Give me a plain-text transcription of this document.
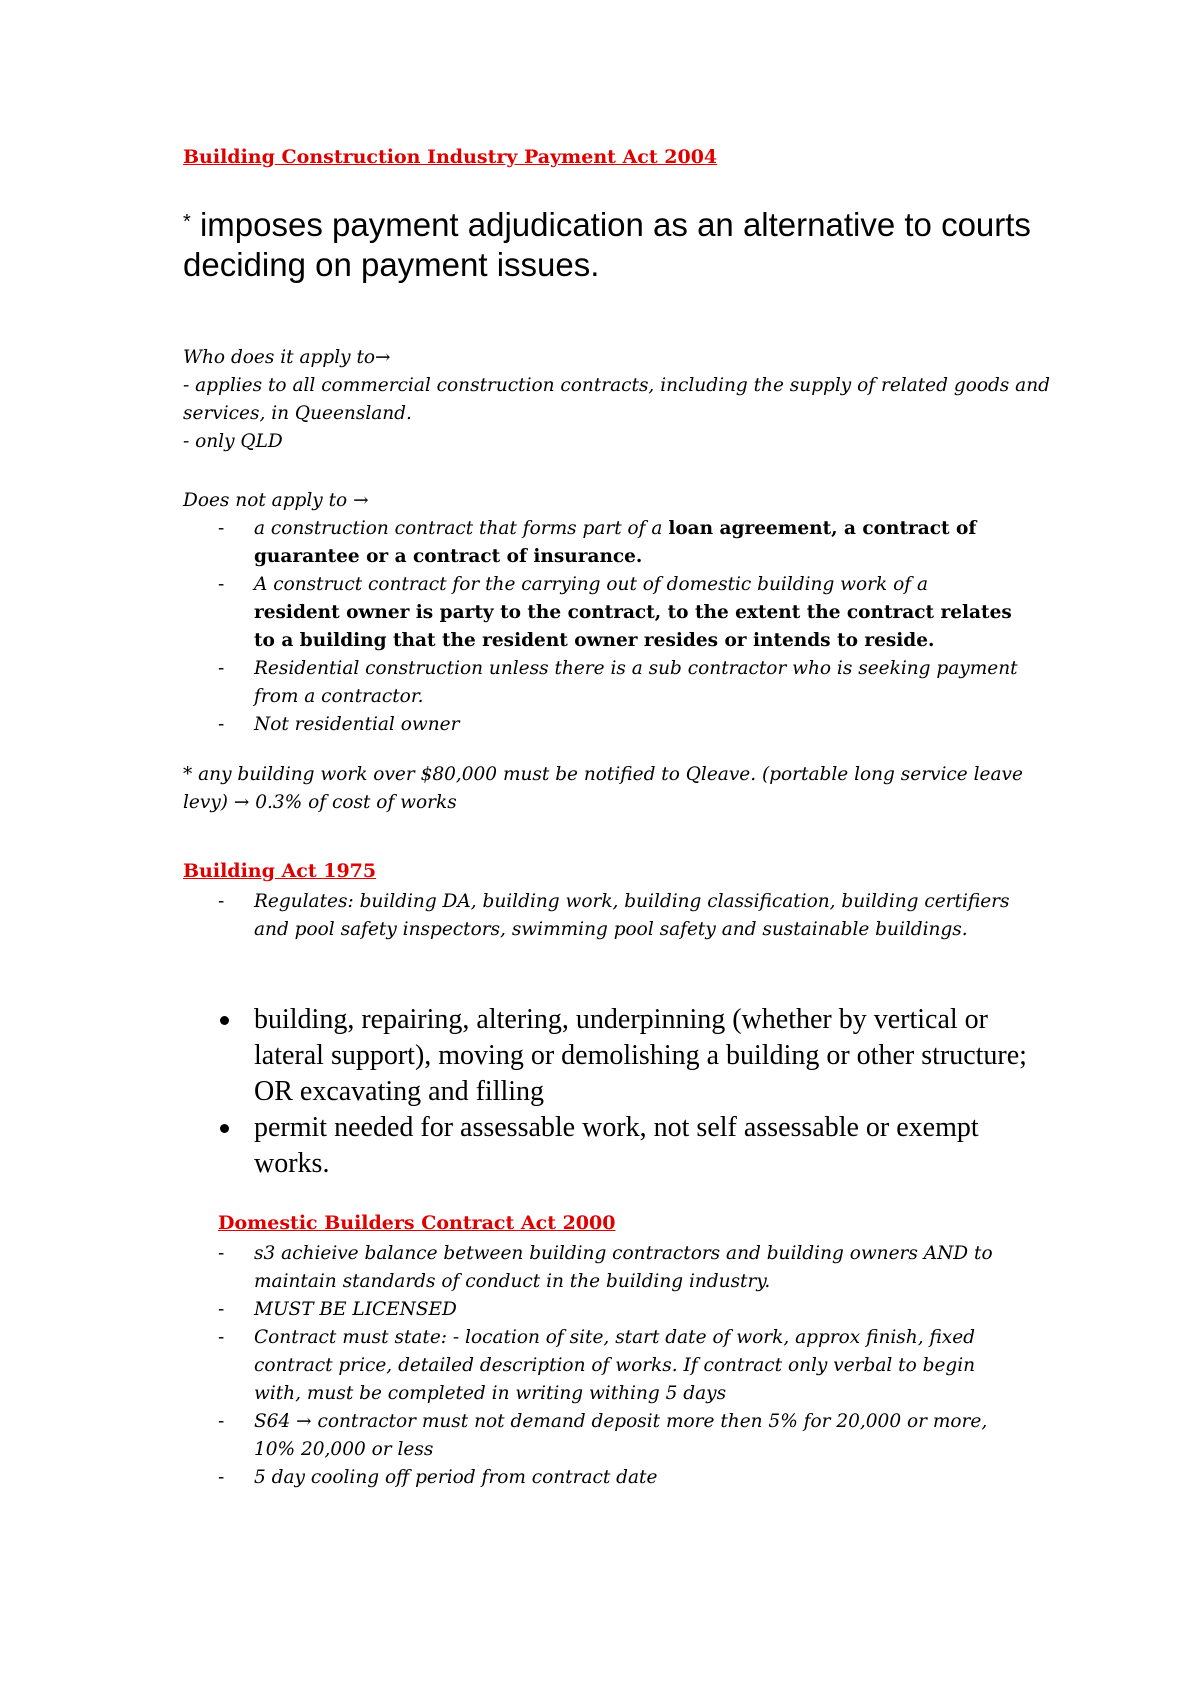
Building Construction Industry Payment Act 2004
* imposes payment adjudication as an alternative to courts deciding on payment issues.
Who does it apply to→
- applies to all commercial construction contracts, including the supply of related goods and services, in Queensland.
- only QLD
Does not apply to →
- a construction contract that forms part of a loan agreement, a contract of guarantee or a contract of insurance.
- A construct contract for the carrying out of domestic building work of a resident owner is party to the contract, to the extent the contract relates to a building that the resident owner resides or intends to reside.
- Residential construction unless there is a sub contractor who is seeking payment from a contractor.
- Not residential owner
* any building work over $80,000 must be notified to Qleave. (portable long service leave levy) → 0.3% of cost of works
Building Act 1975
- Regulates: building DA, building work, building classification, building certifiers and pool safety inspectors, swimming pool safety and sustainable buildings.
building, repairing, altering, underpinning (whether by vertical or lateral support), moving or demolishing a building or other structure; OR excavating and filling
permit needed for assessable work, not self assessable or exempt works.
Domestic Builders Contract Act 2000
- s3 achieive balance between building contractors and building owners AND to maintain standards of conduct in the building industry.
- MUST BE LICENSED
- Contract must state: - location of site, start date of work, approx finish, fixed contract price, detailed description of works. If contract only verbal to begin with, must be completed in writing withing 5 days
- S64 → contractor must not demand deposit more then 5% for 20,000 or more, 10% 20,000 or less
- 5 day cooling off period from contract date
